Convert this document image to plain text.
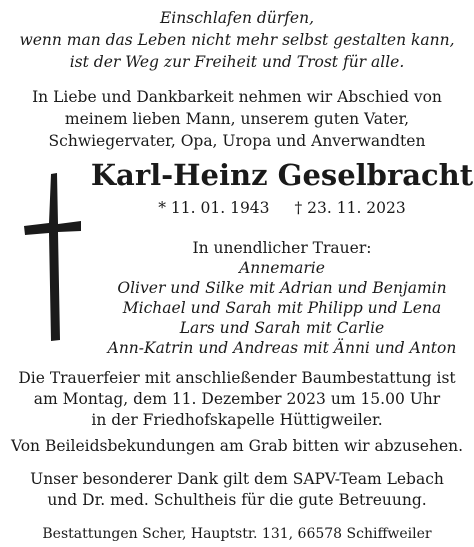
Einschlafen dürfen,
wenn man das Leben nicht mehr selbst gestalten kann,
ist der Weg zur Freiheit und Trost für alle.
In Liebe und Dankbarkeit nehmen wir Abschied von
meinem lieben Mann, unserem guten Vater,
Schwiegervater, Opa, Uropa und Anverwandten
Karl-Heinz Geselbracht
* 11. 01. 1943 † 23. 11. 2023
In unendlicher Trauer:
Annemarie
Oliver und Silke mit Adrian und Benjamin
Michael und Sarah mit Philipp und Lena
Lars und Sarah mit Carlie
Ann-Katrin und Andreas mit Änni und Anton
Die Trauerfeier mit anschließender Baumbestattung ist
am Montag, dem 11. Dezember 2023 um 15.00 Uhr
in der Friedhofskapelle Hüttigweiler.
Von Beileidsbekundungen am Grab bitten wir abzusehen.
Unser besonderer Dank gilt dem SAPV-Team Lebach
und Dr. med. Schultheis für die gute Betreuung.
Bestattungen Scher, Hauptstr. 131, 66578 Schiffweiler
